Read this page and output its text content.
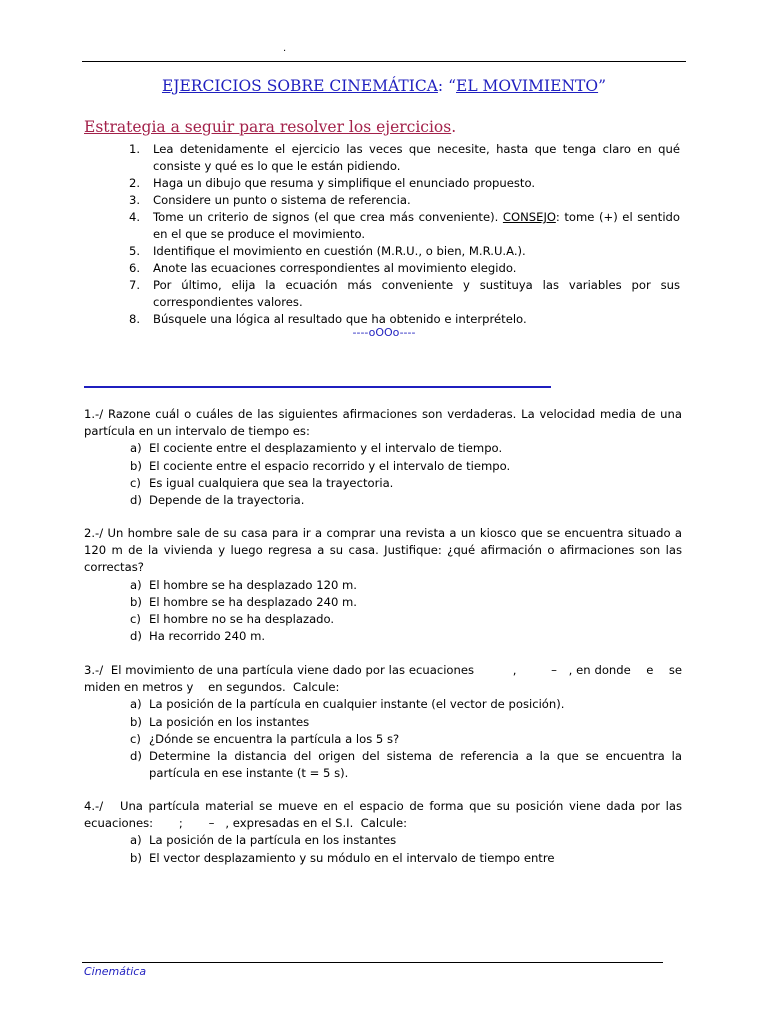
.
EJERCICIOS SOBRE CINEMÁTICA: “EL MOVIMIENTO”
Estrategia a seguir para resolver los ejercicios.
1. Lea detenidamente el ejercicio las veces que necesite, hasta que tenga claro en qué consiste y qué es lo que le están pidiendo.
2. Haga un dibujo que resuma y simplifique el enunciado propuesto.
3. Considere un punto o sistema de referencia.
4. Tome un criterio de signos (el que crea más conveniente). CONSEJO: tome (+) el sentido en el que se produce el movimiento.
5. Identifique el movimiento en cuestión (M.R.U., o bien, M.R.U.A.).
6. Anote las ecuaciones correspondientes al movimiento elegido.
7. Por último, elija la ecuación más conveniente y sustituya las variables por sus correspondientes valores.
8. Búsquele una lógica al resultado que ha obtenido e interprételo.
----oOOo----

1.-/ Razone cuál o cuáles de las siguientes afirmaciones son verdaderas. La velocidad media de una partícula en un intervalo de tiempo es:

a) El cociente entre el desplazamiento y el intervalo de tiempo.
b) El cociente entre el espacio recorrido y el intervalo de tiempo.
c) Es igual cualquiera que sea la trayectoria.
d) Depende de la trayectoria.

2.-/ Un hombre sale de su casa para ir a comprar una revista a un kiosco que se encuentra situado a 120 m de la vivienda y luego regresa a su casa. Justifique: ¿qué afirmación o afirmaciones son las correctas?

a) El hombre se ha desplazado 120 m.
b) El hombre se ha desplazado 240 m.
c) El hombre no se ha desplazado.
d) Ha recorrido 240 m.

3.-/  El movimiento de una partícula viene dado por las ecuaciones          ,         –   , en donde    e    se miden en metros y    en segundos.  Calcule:

a) La posición de la partícula en cualquier instante (el vector de posición).
b) La posición en los instantes
c) ¿Dónde se encuentra la partícula a los 5 s?
d) Determine la distancia del origen del sistema de referencia a la que se encuentra la partícula en ese instante (t = 5 s).

4.-/   Una partícula material se mueve en el espacio de forma que su posición viene dada por las ecuaciones:       ;       –   , expresadas en el S.I.  Calcule:

a) La posición de la partícula en los instantes
b) El vector desplazamiento y su módulo en el intervalo de tiempo entre
Cinemática
